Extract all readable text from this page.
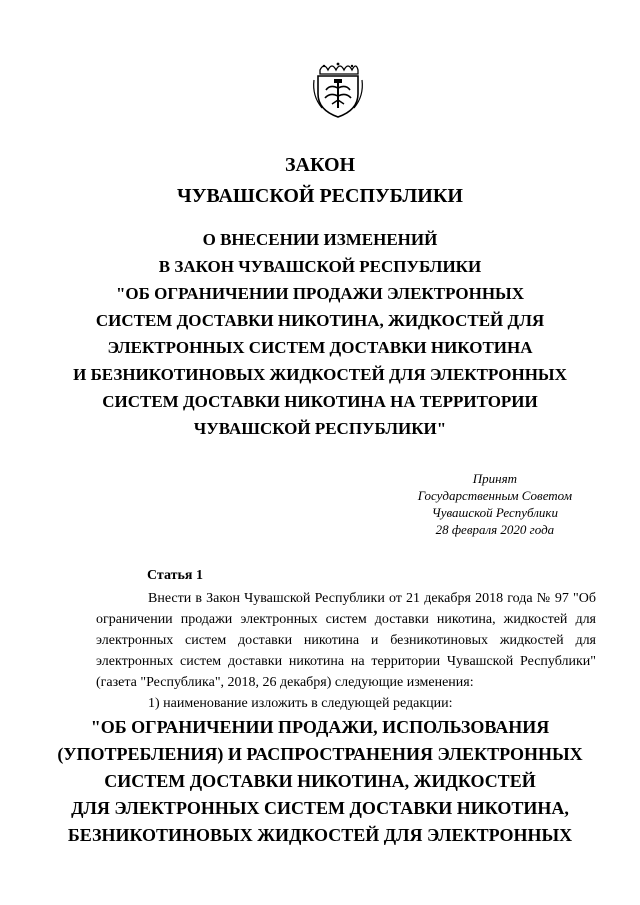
ЗАКОН
ЧУВАШСКОЙ РЕСПУБЛИКИ
О ВНЕСЕНИИ ИЗМЕНЕНИЙ
В ЗАКОН ЧУВАШСКОЙ РЕСПУБЛИКИ
"ОБ ОГРАНИЧЕНИИ ПРОДАЖИ ЭЛЕКТРОННЫХ
СИСТЕМ ДОСТАВКИ НИКОТИНА, ЖИДКОСТЕЙ ДЛЯ
ЭЛЕКТРОННЫХ СИСТЕМ ДОСТАВКИ НИКОТИНА
И БЕЗНИКОТИНОВЫХ ЖИДКОСТЕЙ ДЛЯ ЭЛЕКТРОННЫХ
СИСТЕМ ДОСТАВКИ НИКОТИНА НА ТЕРРИТОРИИ
ЧУВАШСКОЙ РЕСПУБЛИКИ"
Принят
Государственным Советом
Чувашской Республики
28 февраля 2020 года
Статья 1

Внести в Закон Чувашской Республики от 21 декабря 2018 года № 97 "Об ограничении продажи электронных систем доставки никотина, жидкостей для электронных систем доставки никотина и безникотиновых жидкостей для электронных систем доставки никотина на территории Чувашской Республики" (газета "Республика", 2018, 26 декабря) следующие изменения:

1) наименование изложить в следующей редакции:

"ОБ ОГРАНИЧЕНИИ ПРОДАЖИ, ИСПОЛЬЗОВАНИЯ
(УПОТРЕБЛЕНИЯ) И РАСПРОСТРАНЕНИЯ ЭЛЕКТРОННЫХ
СИСТЕМ ДОСТАВКИ НИКОТИНА, ЖИДКОСТЕЙ
ДЛЯ ЭЛЕКТРОННЫХ СИСТЕМ ДОСТАВКИ НИКОТИНА,
БЕЗНИКОТИНОВЫХ ЖИДКОСТЕЙ ДЛЯ ЭЛЕКТРОННЫХ
